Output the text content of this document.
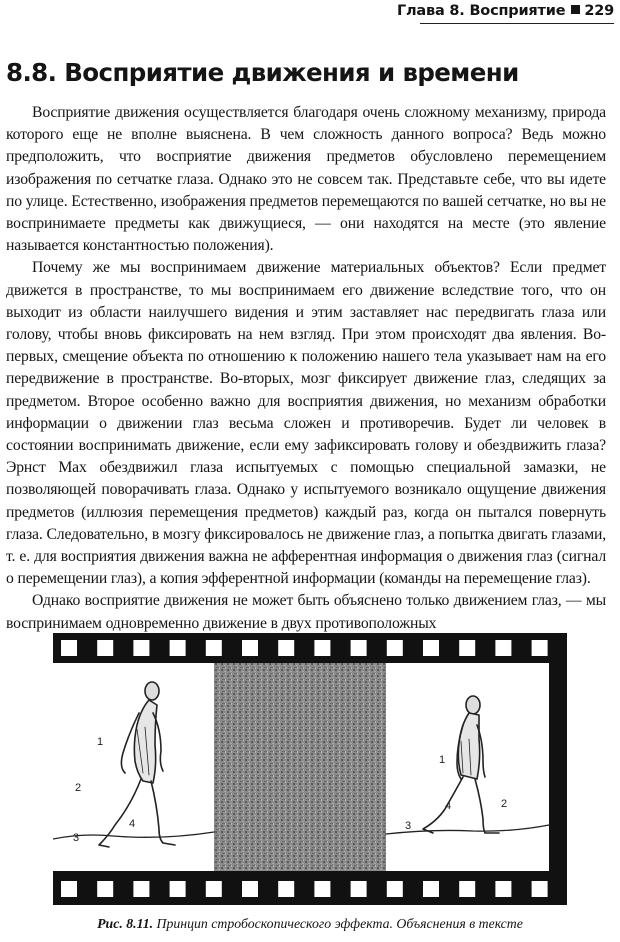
Глава 8. Восприятие 229
8.8. Восприятие движения и времени

Восприятие движения осуществляется благодаря очень сложному механизму, природа которого еще не вполне выяснена. В чем сложность данного вопроса? Ведь можно предположить, что восприятие движения предметов обусловлено перемещением изображения по сетчатке глаза. Однако это не совсем так. Представьте себе, что вы идете по улице. Естественно, изображения предметов перемещаются по вашей сетчатке, но вы не воспринимаете предметы как движущиеся, — они находятся на месте (это явление называется константностью положения).

Почему же мы воспринимаем движение материальных объектов? Если предмет движется в пространстве, то мы воспринимаем его движение вследствие того, что он выходит из области наилучшего видения и этим заставляет нас передвигать глаза или голову, чтобы вновь фиксировать на нем взгляд. При этом происходят два явления. Во-первых, смещение объекта по отношению к положению нашего тела указывает нам на его передвижение в пространстве. Во-вторых, мозг фиксирует движение глаз, следящих за предметом. Второе особенно важно для восприятия движения, но механизм обработки информации о движении глаз весьма сложен и противоречив. Будет ли человек в состоянии воспринимать движение, если ему зафиксировать голову и обездвижить глаза? Эрнст Мах обездвижил глаза испытуемых с помощью специальной замазки, не позволяющей поворачивать глаза. Однако у испытуемого возникало ощущение движения предметов (иллюзия перемещения предметов) каждый раз, когда он пытался повернуть глаза. Следовательно, в мозгу фиксировалось не движение глаз, а попытка двигать глазами, т. е. для восприятия движения важна не афферентная информация о движения глаз (сигнал о перемещении глаз), а копия эфферентной информации (команды на перемещение глаз).

Однако восприятие движения не может быть объяснено только движением глаз, — мы воспринимаем одновременно движение в двух противоположных

1
2
3
4
1
2
3
4
Рис. 8.11. Принцип стробоскопического эффекта. Объяснения в тексте
